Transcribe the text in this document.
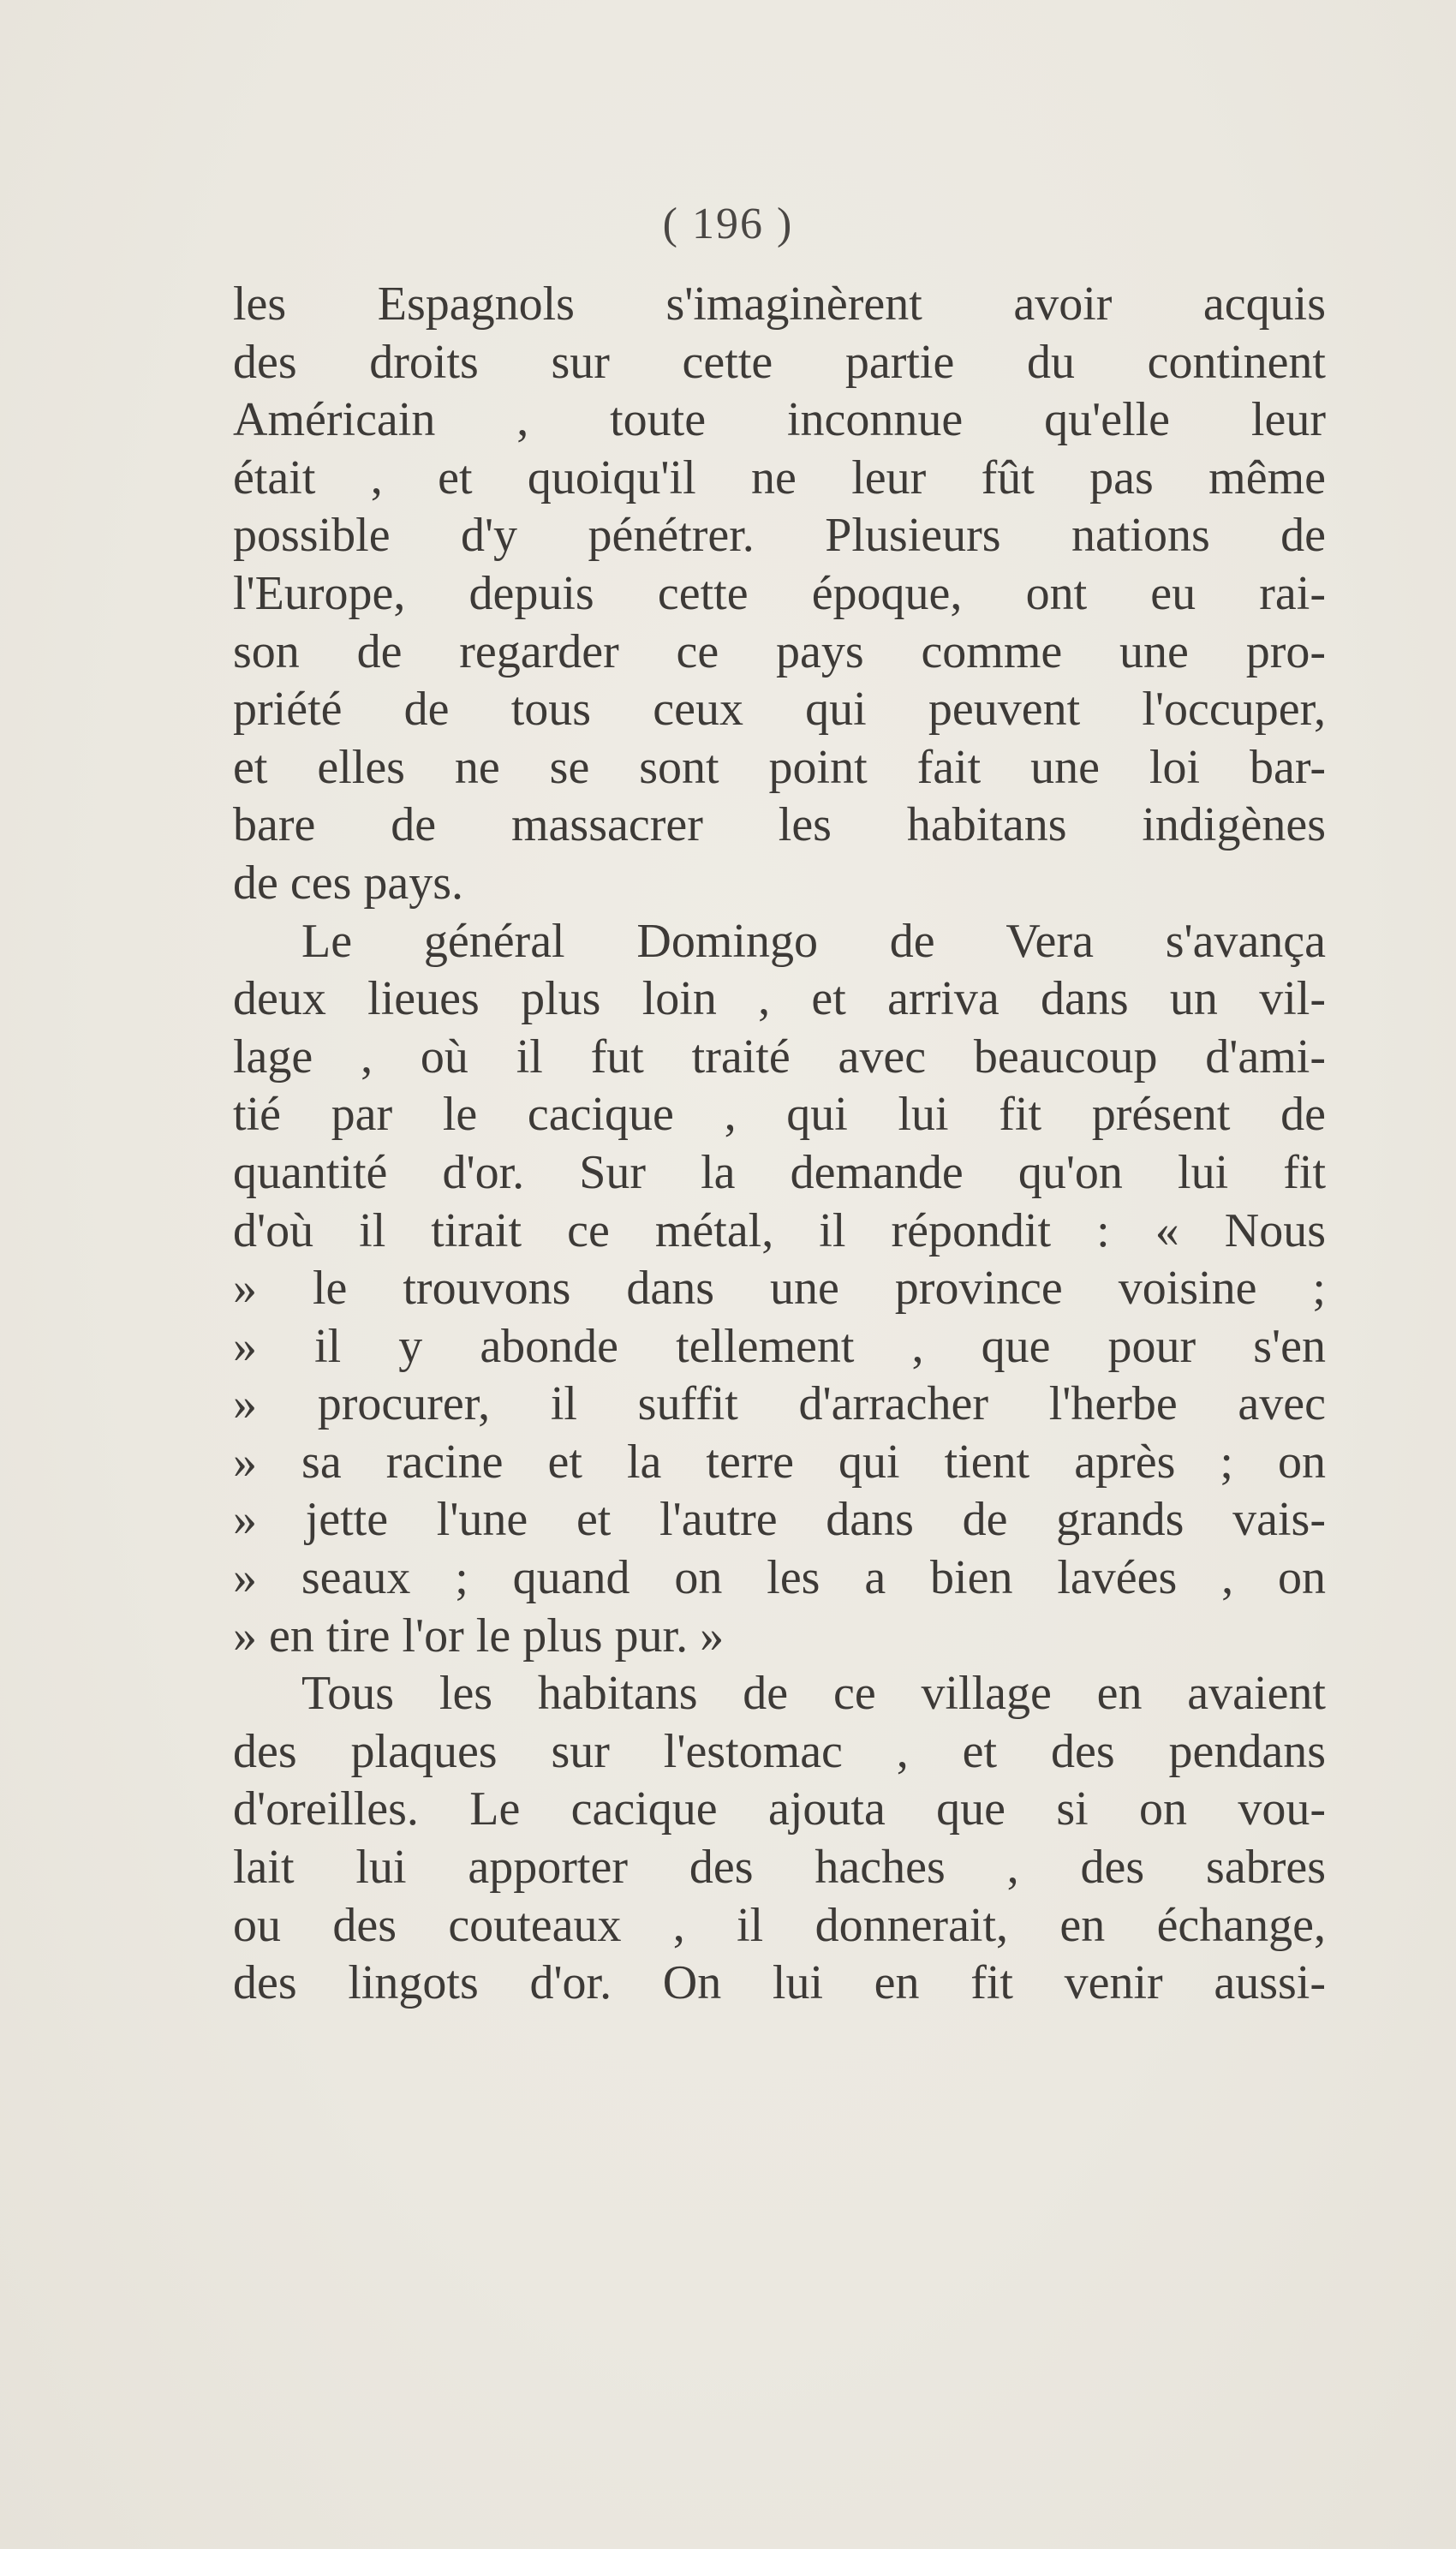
( 196 )
les Espagnols s'imaginèrent avoir acquis
des droits sur cette partie du continent
Américain , toute inconnue qu'elle leur
était , et quoiqu'il ne leur fût pas même
possible d'y pénétrer. Plusieurs nations de
l'Europe, depuis cette époque, ont eu rai-
son de regarder ce pays comme une pro-
priété de tous ceux qui peuvent l'occuper,
et elles ne se sont point fait une loi bar-
bare de massacrer les habitans indigènes
de ces pays.
Le général Domingo de Vera s'avança
deux lieues plus loin , et arriva dans un vil-
lage , où il fut traité avec beaucoup d'ami-
tié par le cacique , qui lui fit présent de
quantité d'or. Sur la demande qu'on lui fit
d'où il tirait ce métal, il répondit : « Nous
» le trouvons dans une province voisine ;
» il y abonde tellement , que pour s'en
» procurer, il suffit d'arracher l'herbe avec
» sa racine et la terre qui tient après ; on
» jette l'une et l'autre dans de grands vais-
» seaux ; quand on les a bien lavées , on
» en tire l'or le plus pur. »
Tous les habitans de ce village en avaient
des plaques sur l'estomac , et des pendans
d'oreilles. Le cacique ajouta que si on vou-
lait lui apporter des haches , des sabres
ou des couteaux , il donnerait, en échange,
des lingots d'or. On lui en fit venir aussi-
